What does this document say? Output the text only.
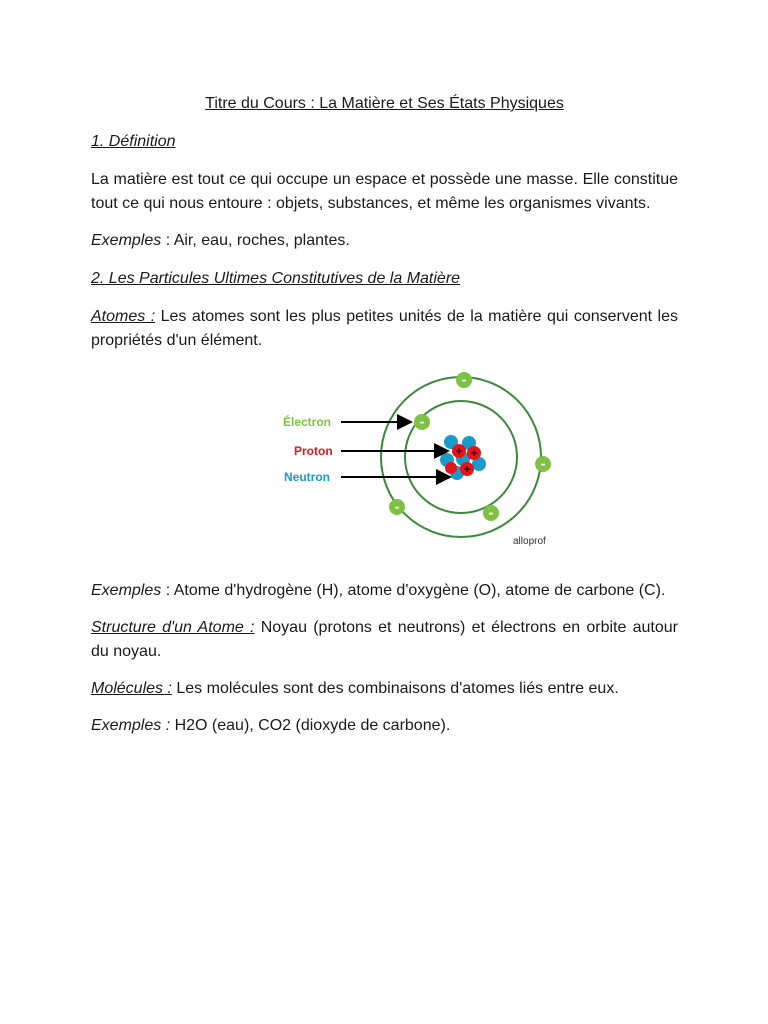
Titre du Cours : La Matière et Ses États Physiques
1. Définition

La matière est tout ce qui occupe un espace et possède une masse. Elle constitue tout ce qui nous entoure : objets, substances, et même les organismes vivants.

Exemples : Air, eau, roches, plantes.

2. Les Particules Ultimes Constitutives de la Matière

Atomes : Les atomes sont les plus petites unités de la matière qui conservent les propriétés d'un élément.

+ +
+
-
-
-
-	-
Électron
Proton
Neutron
alloprof

Exemples : Atome d'hydrogène (H), atome d'oxygène (O), atome de carbone (C).

Structure d'un Atome : Noyau (protons et neutrons) et électrons en orbite autour du noyau.

Molécules : Les molécules sont des combinaisons d'atomes liés entre eux.

Exemples : H2O (eau), CO2 (dioxyde de carbone).
